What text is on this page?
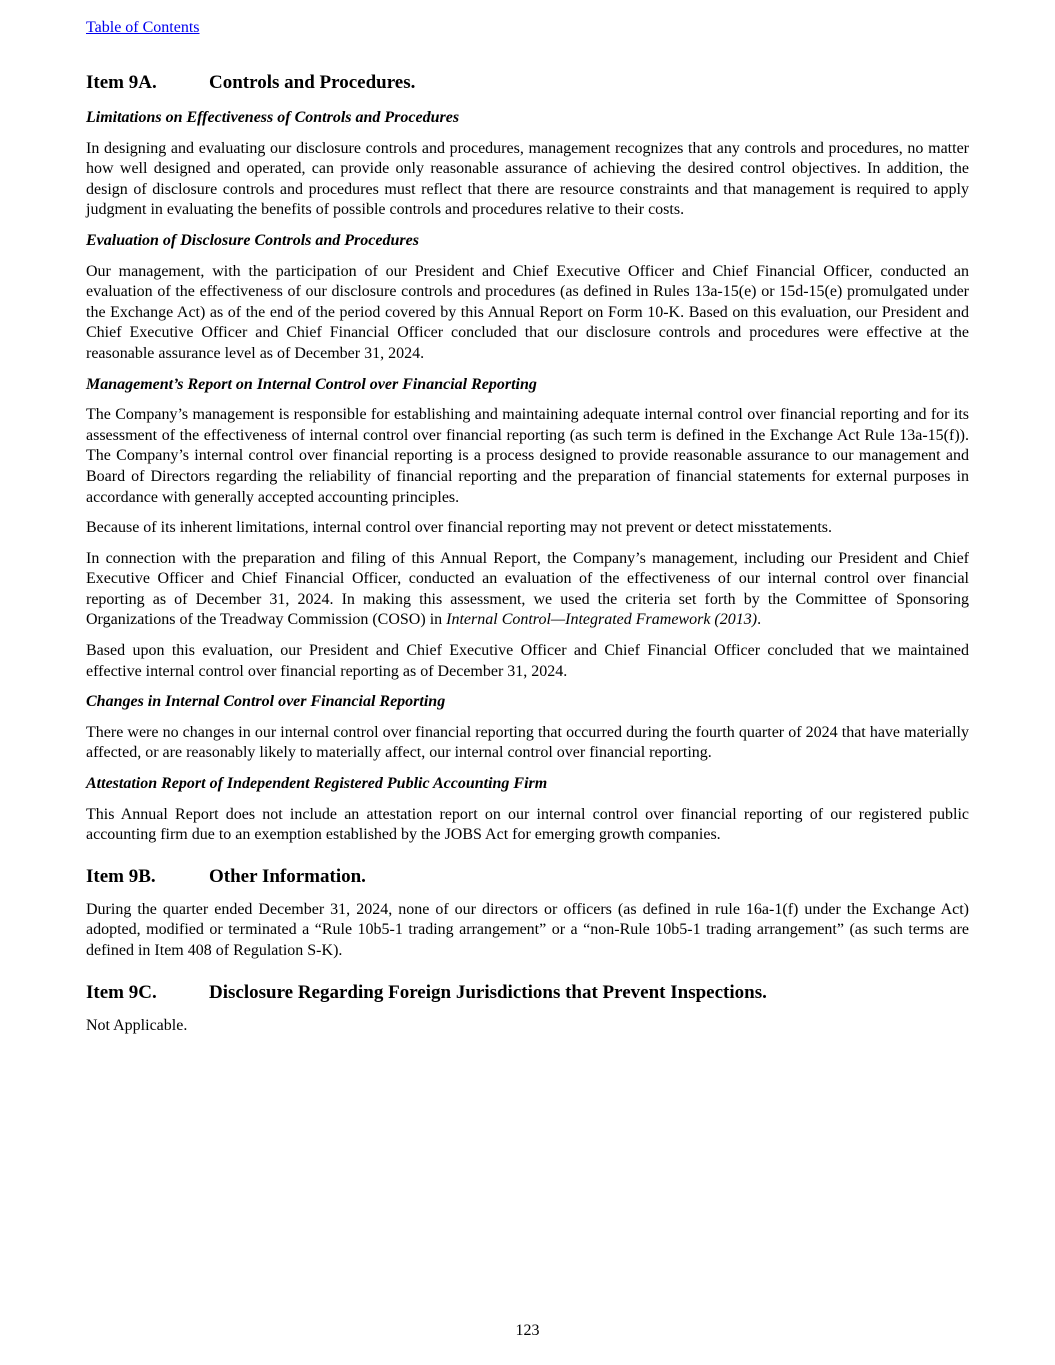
Table of Contents
Item 9A.	Controls and Procedures.

Limitations on Effectiveness of Controls and Procedures

In designing and evaluating our disclosure controls and procedures, management recognizes that any controls and procedures, no matter how well designed and operated, can provide only reasonable assurance of achieving the desired control objectives. In addition, the design of disclosure controls and procedures must reflect that there are resource constraints and that management is required to apply judgment in evaluating the benefits of possible controls and procedures relative to their costs.

Evaluation of Disclosure Controls and Procedures

Our management, with the participation of our President and Chief Executive Officer and Chief Financial Officer, conducted an evaluation of the effectiveness of our disclosure controls and procedures (as defined in Rules 13a-15(e) or 15d-15(e) promulgated under the Exchange Act) as of the end of the period covered by this Annual Report on Form 10-K. Based on this evaluation, our President and Chief Executive Officer and Chief Financial Officer concluded that our disclosure controls and procedures were effective at the reasonable assurance level as of December 31, 2024.

Management’s Report on Internal Control over Financial Reporting

The Company’s management is responsible for establishing and maintaining adequate internal control over financial reporting and for its assessment of the effectiveness of internal control over financial reporting (as such term is defined in the Exchange Act Rule 13a-15(f)). The Company’s internal control over financial reporting is a process designed to provide reasonable assurance to our management and Board of Directors regarding the reliability of financial reporting and the preparation of financial statements for external purposes in accordance with generally accepted accounting principles.

Because of its inherent limitations, internal control over financial reporting may not prevent or detect misstatements.

In connection with the preparation and filing of this Annual Report, the Company’s management, including our President and Chief Executive Officer and Chief Financial Officer, conducted an evaluation of the effectiveness of our internal control over financial reporting as of December 31, 2024. In making this assessment, we used the criteria set forth by the Committee of Sponsoring Organizations of the Treadway Commission (COSO) in Internal Control—Integrated Framework (2013).

Based upon this evaluation, our President and Chief Executive Officer and Chief Financial Officer concluded that we maintained effective internal control over financial reporting as of December 31, 2024.

Changes in Internal Control over Financial Reporting

There were no changes in our internal control over financial reporting that occurred during the fourth quarter of 2024 that have materially affected, or are reasonably likely to materially affect, our internal control over financial reporting.

Attestation Report of Independent Registered Public Accounting Firm

This Annual Report does not include an attestation report on our internal control over financial reporting of our registered public accounting firm due to an exemption established by the JOBS Act for emerging growth companies.

Item 9B.	Other Information.

During the quarter ended December 31, 2024, none of our directors or officers (as defined in rule 16a-1(f) under the Exchange Act) adopted, modified or terminated a “Rule 10b5-1 trading arrangement” or a “non-Rule 10b5-1 trading arrangement” (as such terms are defined in Item 408 of Regulation S-K).

Item 9C.	Disclosure Regarding Foreign Jurisdictions that Prevent Inspections.

Not Applicable.

123
